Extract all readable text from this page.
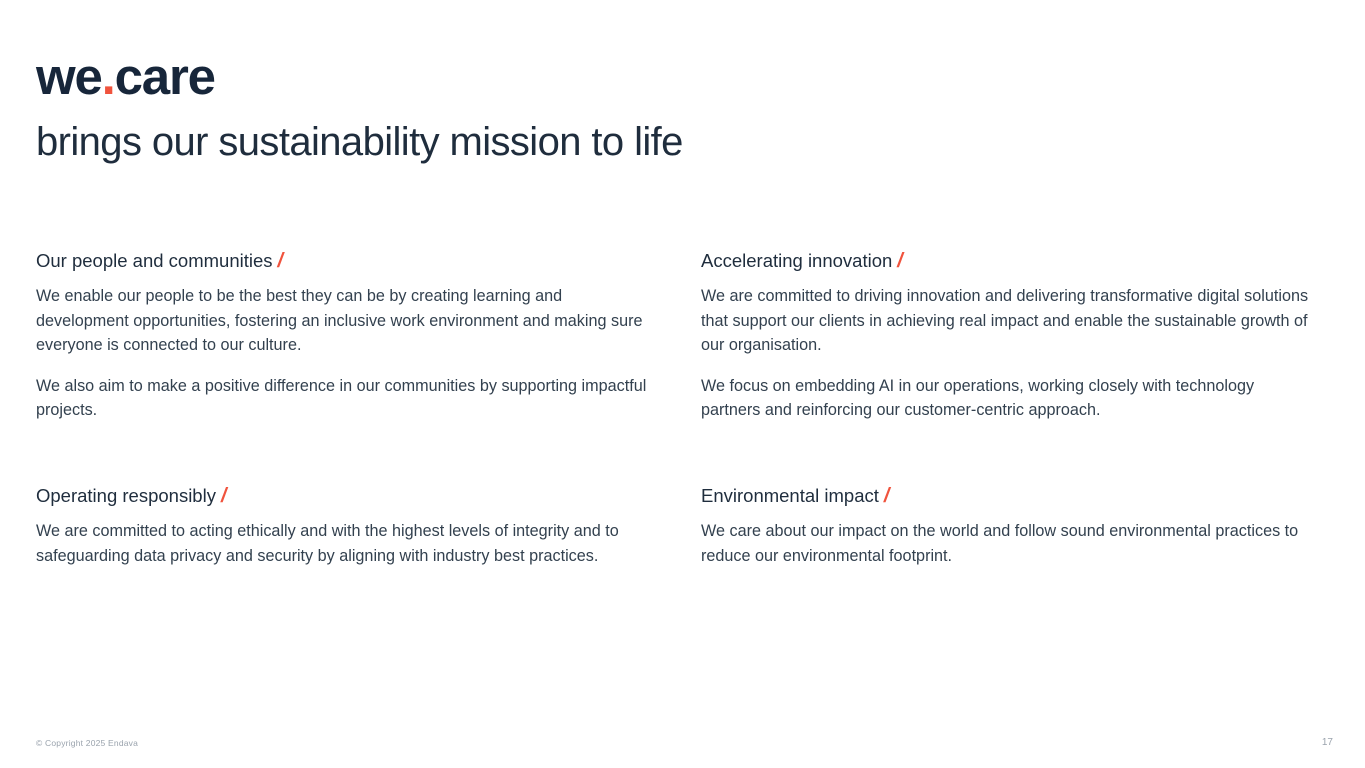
we.care
brings our sustainability mission to life
Our people and communities /

We enable our people to be the best they can be by creating learning and development opportunities, fostering an inclusive work environment and making sure everyone is connected to our culture.

We also aim to make a positive difference in our communities by supporting impactful projects.

Accelerating innovation /

We are committed to driving innovation and delivering transformative digital solutions that support our clients in achieving real impact and enable the sustainable growth of our organisation.

We focus on embedding AI in our operations, working closely with technology partners and reinforcing our customer-centric approach.

Operating responsibly /

We are committed to acting ethically and with the highest levels of integrity and to safeguarding data privacy and security by aligning with industry best practices.

Environmental impact /

We care about our impact on the world and follow sound environmental practices to reduce our environmental footprint.

© Copyright 2025 Endava	17
